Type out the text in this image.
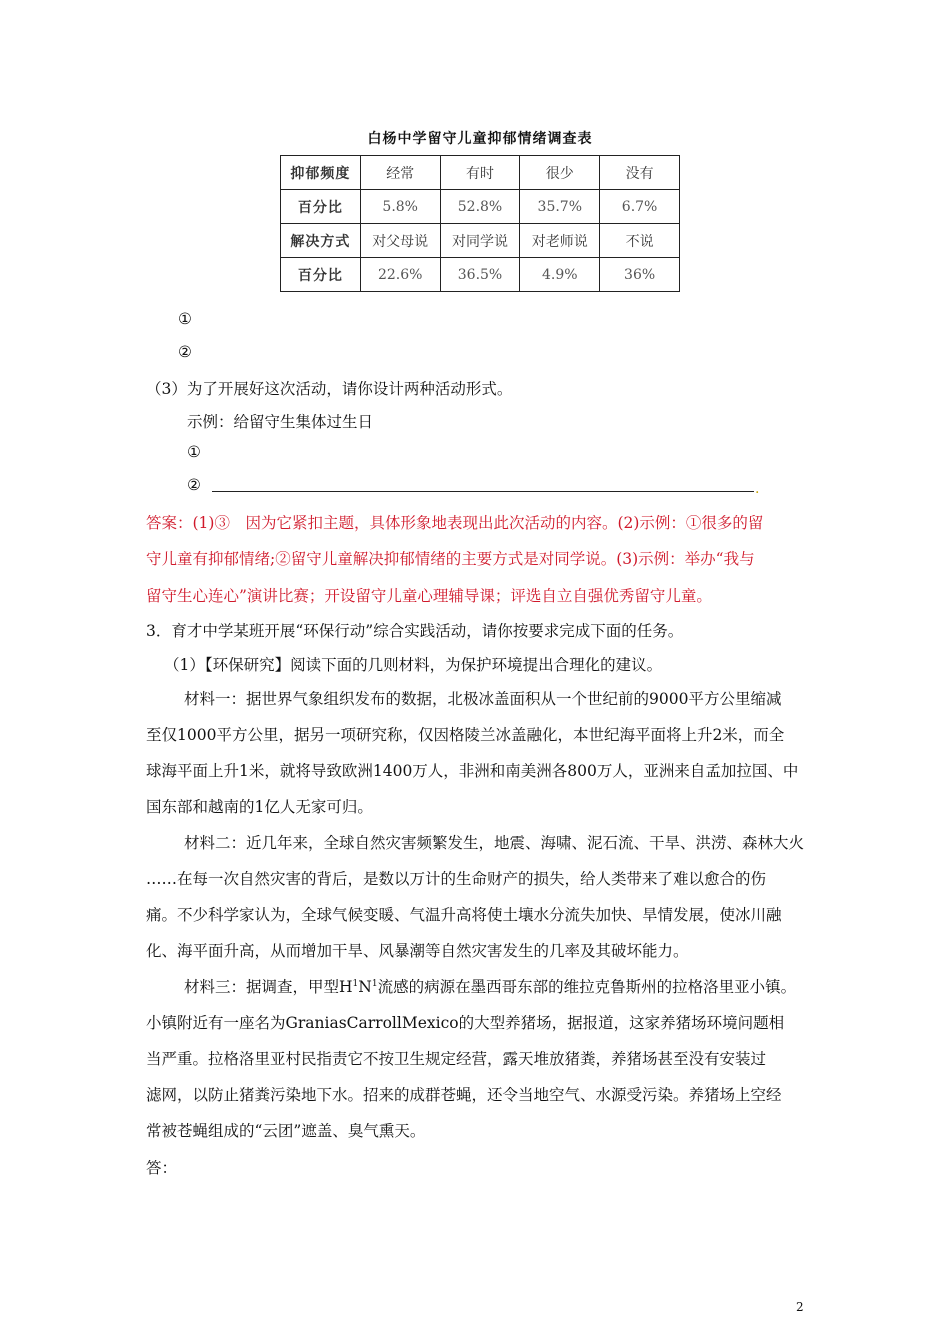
白杨中学留守儿童抑郁情绪调查表
抑郁频度	经常	有时	很少	没有
百分比	5.8%	52.8%	35.7%	6.7%
解决方式	对父母说	对同学说	对老师说	不说
百分比	22.6%	36.5%	4.9%	36%
①
②
（3）为了开展好这次活动，请你设计两种活动形式。
示例：给留守生集体过生日
①
②	.
答案：(1)③　因为它紧扣主题，具体形象地表现出此次活动的内容。(2)示例：①很多的留
守儿童有抑郁情绪;②留守儿童解决抑郁情绪的主要方式是对同学说。(3)示例：举办“我与
留守生心连心”演讲比赛；开设留守儿童心理辅导课；评选自立自强优秀留守儿童。
3．育才中学某班开展“环保行动”综合实践活动，请你按要求完成下面的任务。
（1）【环保研究】阅读下面的几则材料，为保护环境提出合理化的建议。
材料一：据世界气象组织发布的数据，北极冰盖面积从一个世纪前的9000平方公里缩减
至仅1000平方公里，据另一项研究称，仅因格陵兰冰盖融化，本世纪海平面将上升2米，而全
球海平面上升1米，就将导致欧洲1400万人，非洲和南美洲各800万人，亚洲来自孟加拉国、中
国东部和越南的1亿人无家可归。
材料二：近几年来，全球自然灾害频繁发生，地震、海啸、泥石流、干旱、洪涝、森林大火
……在每一次自然灾害的背后，是数以万计的生命财产的损失，给人类带来了难以愈合的伤
痛。不少科学家认为，全球气候变暖、气温升高将使土壤水分流失加快、旱情发展，使冰川融
化、海平面升高，从而增加干旱、风暴潮等自然灾害发生的几率及其破坏能力。
材料三：据调查，甲型$H^1N^1$流感的病源在墨西哥东部的维拉克鲁斯州的拉格洛里亚小镇。
小镇附近有一座名为GraniasCarrollMexico的大型养猪场，据报道，这家养猪场环境问题相
当严重。拉格洛里亚村民指责它不按卫生规定经营，露天堆放猪粪，养猪场甚至没有安装过
滤网，以防止猪粪污染地下水。招来的成群苍蝇，还令当地空气、水源受污染。养猪场上空经
常被苍蝇组成的“云团”遮盖、臭气熏天。
答：
2
